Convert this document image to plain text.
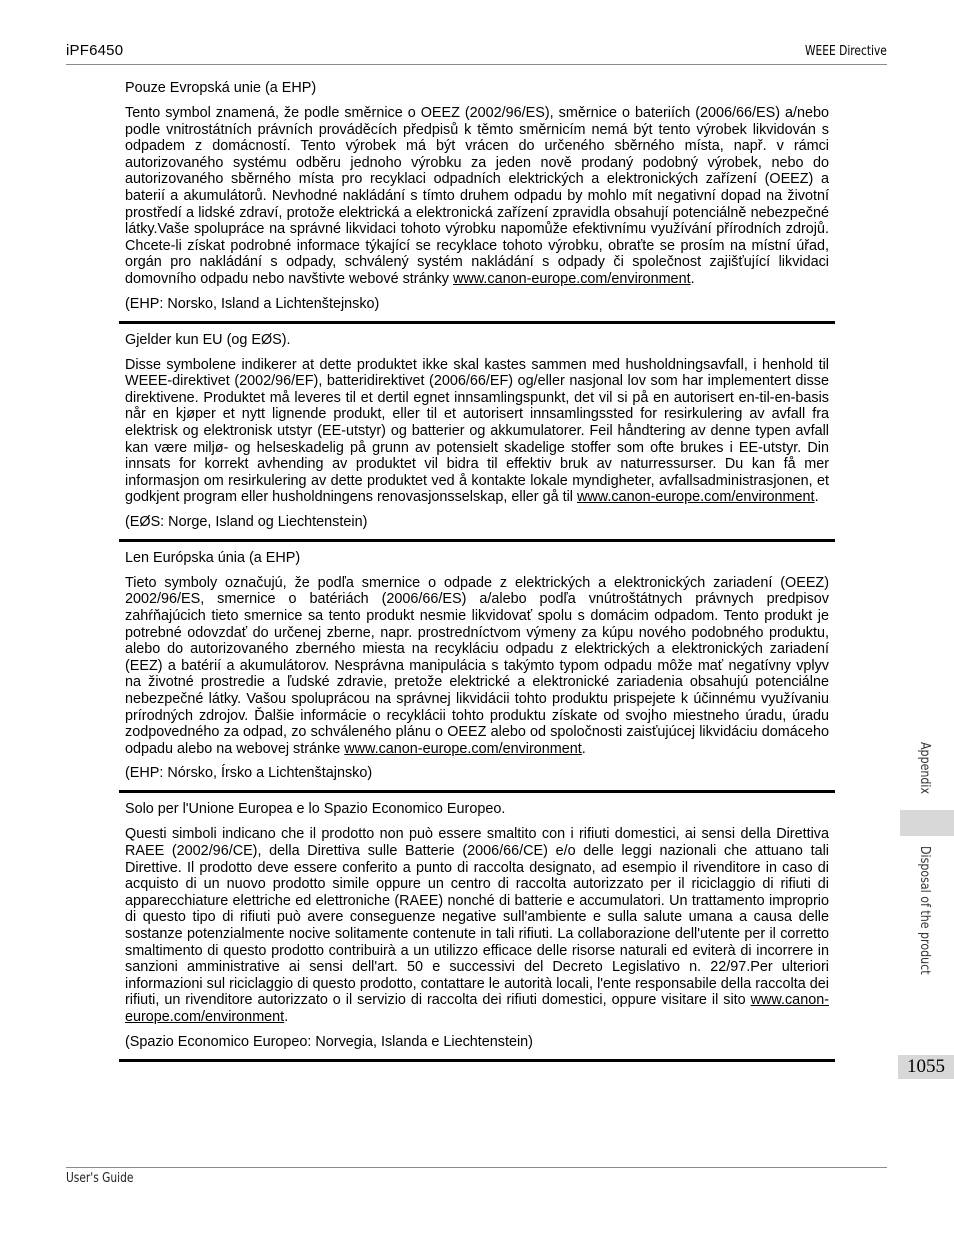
iPF6450	WEEE Directive

Pouze Evropská unie (a EHP)

Tento symbol znamená, že podle směrnice o OEEZ (2002/96/ES), směrnice o bateriích (2006/66/ES) a/nebo podle vnitrostátních právních prováděcích předpisů k těmto směrnicím nemá být tento výrobek likvidován s odpadem z domácností. Tento výrobek má být vrácen do určeného sběrného místa, např. v rámci autorizovaného systému odběru jednoho výrobku za jeden nově prodaný podobný výrobek, nebo do autorizovaného sběrného místa pro recyklaci odpadních elektrických a elektronických zařízení (OEEZ) a baterií a akumulátorů. Nevhodné nakládání s tímto druhem odpadu by mohlo mít negativní dopad na životní prostředí a lidské zdraví, protože elektrická a elektronická zařízení zpravidla obsahují potenciálně nebezpečné látky.Vaše spolupráce na správné likvidaci tohoto výrobku napomůže efektivnímu využívání přírodních zdrojů. Chcete-li získat podrobné informace týkající se recyklace tohoto výrobku, obraťte se prosím na místní úřad, orgán pro nakládání s odpady, schválený systém nakládání s odpady či společnost zajišťující likvidaci domovního odpadu nebo navštivte webové stránky www.canon-europe.com/environment.

(EHP: Norsko, Island a Lichtenštejnsko)

Gjelder kun EU (og EØS).

Disse symbolene indikerer at dette produktet ikke skal kastes sammen med husholdningsavfall, i henhold til WEEE-direktivet (2002/96/EF), batteridirektivet (2006/66/EF) og/eller nasjonal lov som har implementert disse direktivene. Produktet må leveres til et dertil egnet innsamlingspunkt, det vil si på en autorisert en-til-en-basis når en kjøper et nytt lignende produkt, eller til et autorisert innsamlingssted for resirkulering av avfall fra elektrisk og elektronisk utstyr (EE-utstyr) og batterier og akkumulatorer. Feil håndtering av denne typen avfall kan være miljø- og helseskadelig på grunn av potensielt skadelige stoffer som ofte brukes i EE-utstyr. Din innsats for korrekt avhending av produktet vil bidra til effektiv bruk av naturressurser. Du kan få mer informasjon om resirkulering av dette produktet ved å kontakte lokale myndigheter, avfallsadministrasjonen, et godkjent program eller husholdningens renovasjonsselskap, eller gå til www.canon-europe.com/environment.

(EØS: Norge, Island og Liechtenstein)

Len Európska únia (a EHP)

Tieto symboly označujú, že podľa smernice o odpade z elektrických a elektronických zariadení (OEEZ) 2002/96/ES, smernice o batériách (2006/66/ES) a/alebo podľa vnútroštátnych právnych predpisov zahŕňajúcich tieto smernice sa tento produkt nesmie likvidovať spolu s domácim odpadom. Tento produkt je potrebné odovzdať do určenej zberne, napr. prostredníctvom výmeny za kúpu nového podobného produktu, alebo do autorizovaného zberného miesta na recykláciu odpadu z elektrických a elektronických zariadení (EEZ) a batérií a akumulátorov. Nesprávna manipulácia s takýmto typom odpadu môže mať negatívny vplyv na životné prostredie a ľudské zdravie, pretože elektrické a elektronické zariadenia obsahujú potenciálne nebezpečné látky. Vašou spoluprácou na správnej likvidácii tohto produktu prispejete k účinnému využívaniu prírodných zdrojov. Ďalšie informácie o recyklácii tohto produktu získate od svojho miestneho úradu, úradu zodpovedného za odpad, zo schváleného plánu o OEEZ alebo od spoločnosti zaisťujúcej likvidáciu domáceho odpadu alebo na webovej stránke www.canon-europe.com/environment.

(EHP: Nórsko, Írsko a Lichtenštajnsko)

Solo per l'Unione Europea e lo Spazio Economico Europeo.

Questi simboli indicano che il prodotto non può essere smaltito con i rifiuti domestici, ai sensi della Direttiva RAEE (2002/96/CE), della Direttiva sulle Batterie (2006/66/CE) e/o delle leggi nazionali che attuano tali Direttive. Il prodotto deve essere conferito a punto di raccolta designato, ad esempio il rivenditore in caso di acquisto di un nuovo prodotto simile oppure un centro di raccolta autorizzato per il riciclaggio di rifiuti di apparecchiature elettriche ed elettroniche (RAEE) nonché di batterie e accumulatori. Un trattamento improprio di questo tipo di rifiuti può avere conseguenze negative sull'ambiente e sulla salute umana a causa delle sostanze potenzialmente nocive solitamente contenute in tali rifiuti. La collaborazione dell'utente per il corretto smaltimento di questo prodotto contribuirà a un utilizzo efficace delle risorse naturali ed eviterà di incorrere in sanzioni amministrative ai sensi dell'art. 50 e successivi del Decreto Legislativo n. 22/97.Per ulteriori informazioni sul riciclaggio di questo prodotto, contattare le autorità locali, l'ente responsabile della raccolta dei rifiuti, un rivenditore autorizzato o il servizio di raccolta dei rifiuti domestici, oppure visitare il sito www.canon-europe.com/environment.

(Spazio Economico Europeo: Norvegia, Islanda e Liechtenstein)

Appendix
Disposal of the product
1055
User's Guide
